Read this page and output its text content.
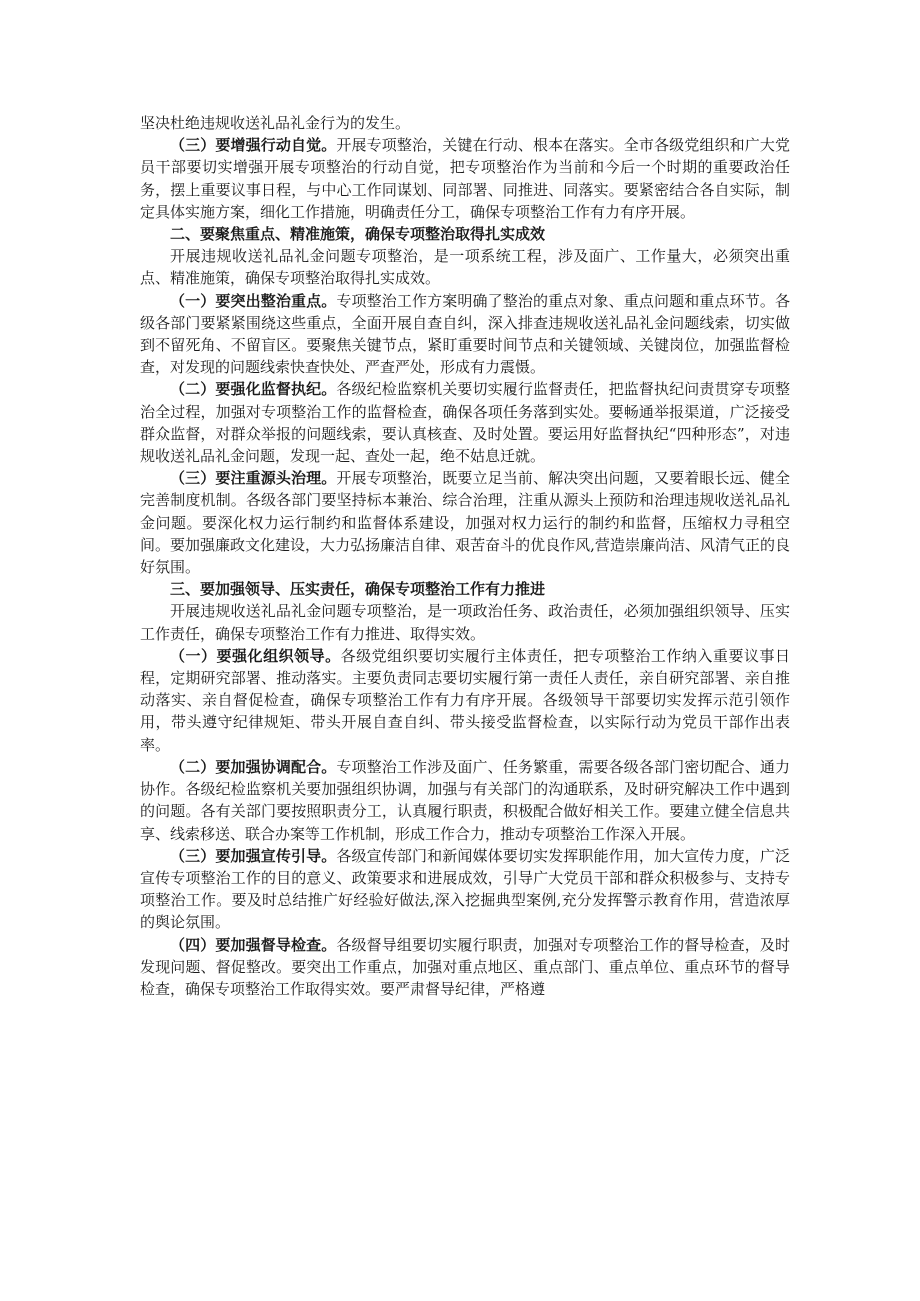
坚决杜绝违规收送礼品礼金行为的发生。

（三）要增强行动自觉。开展专项整治，关键在行动、根本在落实。全市各级党组织和广大党员干部要切实增强开展专项整治的行动自觉，把专项整治作为当前和今后一个时期的重要政治任务，摆上重要议事日程，与中心工作同谋划、同部署、同推进、同落实。要紧密结合各自实际，制定具体实施方案，细化工作措施，明确责任分工，确保专项整治工作有力有序开展。

二、要聚焦重点、精准施策，确保专项整治取得扎实成效

开展违规收送礼品礼金问题专项整治，是一项系统工程，涉及面广、工作量大，必须突出重点、精准施策，确保专项整治取得扎实成效。

（一）要突出整治重点。专项整治工作方案明确了整治的重点对象、重点问题和重点环节。各级各部门要紧紧围绕这些重点，全面开展自查自纠，深入排查违规收送礼品礼金问题线索，切实做到不留死角、不留盲区。要聚焦关键节点，紧盯重要时间节点和关键领域、关键岗位，加强监督检查，对发现的问题线索快查快处、严查严处，形成有力震慑。

（二）要强化监督执纪。各级纪检监察机关要切实履行监督责任，把监督执纪问责贯穿专项整治全过程，加强对专项整治工作的监督检查，确保各项任务落到实处。要畅通举报渠道，广泛接受群众监督，对群众举报的问题线索，要认真核查、及时处置。要运用好监督执纪“四种形态”，对违规收送礼品礼金问题，发现一起、查处一起，绝不姑息迁就。

（三）要注重源头治理。开展专项整治，既要立足当前、解决突出问题，又要着眼长远、健全完善制度机制。各级各部门要坚持标本兼治、综合治理，注重从源头上预防和治理违规收送礼品礼金问题。要深化权力运行制约和监督体系建设，加强对权力运行的制约和监督，压缩权力寻租空间。要加强廉政文化建设，大力弘扬廉洁自律、艰苦奋斗的优良作风,营造崇廉尚洁、风清气正的良好氛围。

三、要加强领导、压实责任，确保专项整治工作有力推进

开展违规收送礼品礼金问题专项整治，是一项政治任务、政治责任，必须加强组织领导、压实工作责任，确保专项整治工作有力推进、取得实效。

（一）要强化组织领导。各级党组织要切实履行主体责任，把专项整治工作纳入重要议事日程，定期研究部署、推动落实。主要负责同志要切实履行第一责任人责任，亲自研究部署、亲自推动落实、亲自督促检查，确保专项整治工作有力有序开展。各级领导干部要切实发挥示范引领作用，带头遵守纪律规矩、带头开展自查自纠、带头接受监督检查，以实际行动为党员干部作出表率。

（二）要加强协调配合。专项整治工作涉及面广、任务繁重，需要各级各部门密切配合、通力协作。各级纪检监察机关要加强组织协调，加强与有关部门的沟通联系，及时研究解决工作中遇到的问题。各有关部门要按照职责分工，认真履行职责，积极配合做好相关工作。要建立健全信息共享、线索移送、联合办案等工作机制，形成工作合力，推动专项整治工作深入开展。

（三）要加强宣传引导。各级宣传部门和新闻媒体要切实发挥职能作用，加大宣传力度，广泛宣传专项整治工作的目的意义、政策要求和进展成效，引导广大党员干部和群众积极参与、支持专项整治工作。要及时总结推广好经验好做法,深入挖掘典型案例,充分发挥警示教育作用，营造浓厚的舆论氛围。

（四）要加强督导检查。各级督导组要切实履行职责，加强对专项整治工作的督导检查，及时发现问题、督促整改。要突出工作重点，加强对重点地区、重点部门、重点单位、重点环节的督导检查，确保专项整治工作取得实效。要严肃督导纪律，严格遵
